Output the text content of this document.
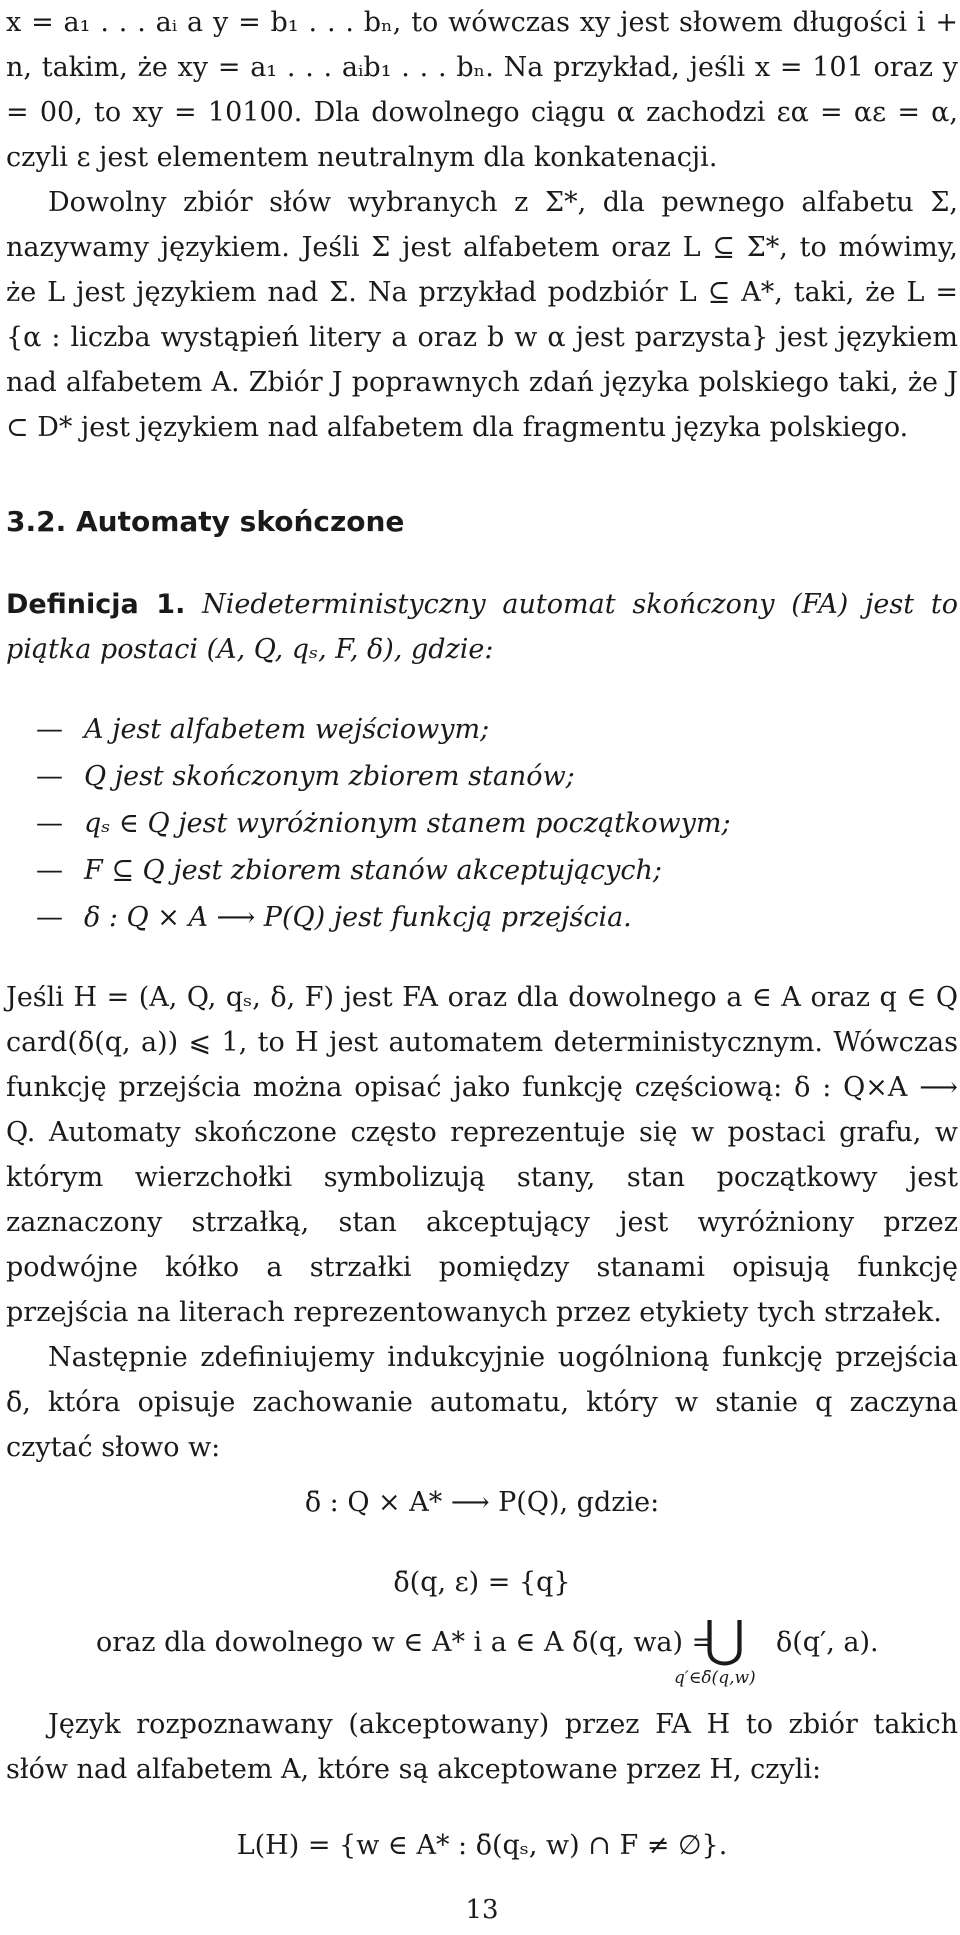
x = a₁ . . . aᵢ a y = b₁ . . . bₙ, to wówczas xy jest słowem długości i + n, takim, że xy = a₁ . . . aᵢb₁ . . . bₙ. Na przykład, jeśli x = 101 oraz y = 00, to xy = 10100. Dla dowolnego ciągu α zachodzi εα = αε = α, czyli ε jest elementem neutralnym dla konkatenacji.

Dowolny zbiór słów wybranych z Σ*, dla pewnego alfabetu Σ, nazywamy językiem. Jeśli Σ jest alfabetem oraz L ⊆ Σ*, to mówimy, że L jest językiem nad Σ. Na przykład podzbiór L ⊆ A*, taki, że L = {α : liczba wystąpień litery a oraz b w α jest parzysta} jest językiem nad alfabetem A. Zbiór J poprawnych zdań języka polskiego taki, że J ⊂ D* jest językiem nad alfabetem dla fragmentu języka polskiego.

3.2. Automaty skończone

Definicja 1. Niedeterministyczny automat skończony (FA) jest to piątka postaci (A, Q, qₛ, F, δ), gdzie:

— A jest alfabetem wejściowym;
— Q jest skończonym zbiorem stanów;
— qₛ ∈ Q jest wyróżnionym stanem początkowym;
— F ⊆ Q jest zbiorem stanów akceptujących;
— δ : Q × A ⟶ P(Q) jest funkcją przejścia.

Jeśli H = (A, Q, qₛ, δ, F) jest FA oraz dla dowolnego a ∈ A oraz q ∈ Q card(δ(q, a)) ⩽ 1, to H jest automatem deterministycznym. Wówczas funkcję przejścia można opisać jako funkcję częściową: δ : Q×A ⟶ Q. Automaty skończone często reprezentuje się w postaci grafu, w którym wierzchołki symbolizują stany, stan początkowy jest zaznaczony strzałką, stan akceptujący jest wyróżniony przez podwójne kółko a strzałki pomiędzy stanami opisują funkcję przejścia na literach reprezentowanych przez etykiety tych strzałek.

Następnie zdefiniujemy indukcyjnie uogólnioną funkcję przejścia δ̄, która opisuje zachowanie automatu, który w stanie q zaczyna czytać słowo w:

δ̄ : Q × A* ⟶ P(Q), gdzie:
δ̄(q, ε) = {q}
oraz dla dowolnego w ∈ A* i a ∈ A δ̄(q, wa) =
⋃
q′∈δ̄(q,w)
δ(q′, a).

Język rozpoznawany (akceptowany) przez FA H to zbiór takich słów nad alfabetem A, które są akceptowane przez H, czyli:

L(H) = {w ∈ A* : δ̄(qₛ, w) ∩ F ≠ ∅}.
13
